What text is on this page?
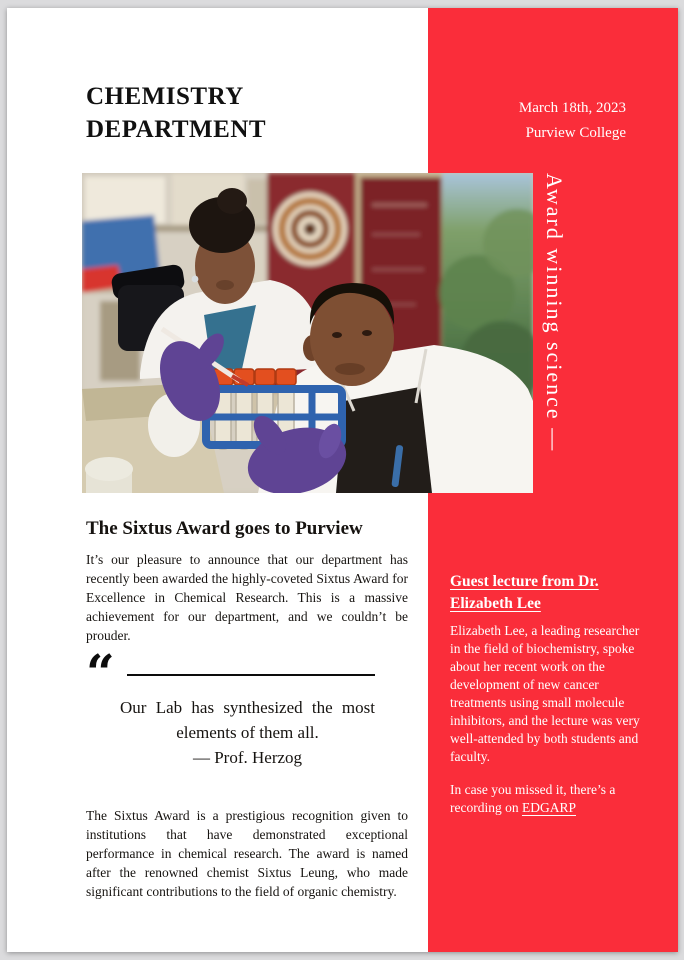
CHEMISTRY
DEPARTMENT
March 18th, 2023
Purview College
Award winning science —
The Sixtus Award goes to Purview

It’s our pleasure to announce that our department has recently been awarded the highly-coveted Sixtus Award for Excellence in Chemical Research. This is a massive achievement for our department, and we couldn’t be prouder.

“

Our Lab has synthesized the most elements of them all.

— Prof. Herzog

The Sixtus Award is a prestigious recognition given to institutions that have demonstrated exceptional performance in chemical research. The award is named after the renowned chemist Sixtus Leung, who made significant contributions to the field of organic chemistry.

Guest lecture from Dr. Elizabeth Lee

Elizabeth Lee, a leading researcher in the field of biochemistry, spoke about her recent work on the development of new cancer treatments using small molecule inhibitors, and the lecture was very well-attended by both students and faculty.

In case you missed it, there’s a recording on EDGARP
